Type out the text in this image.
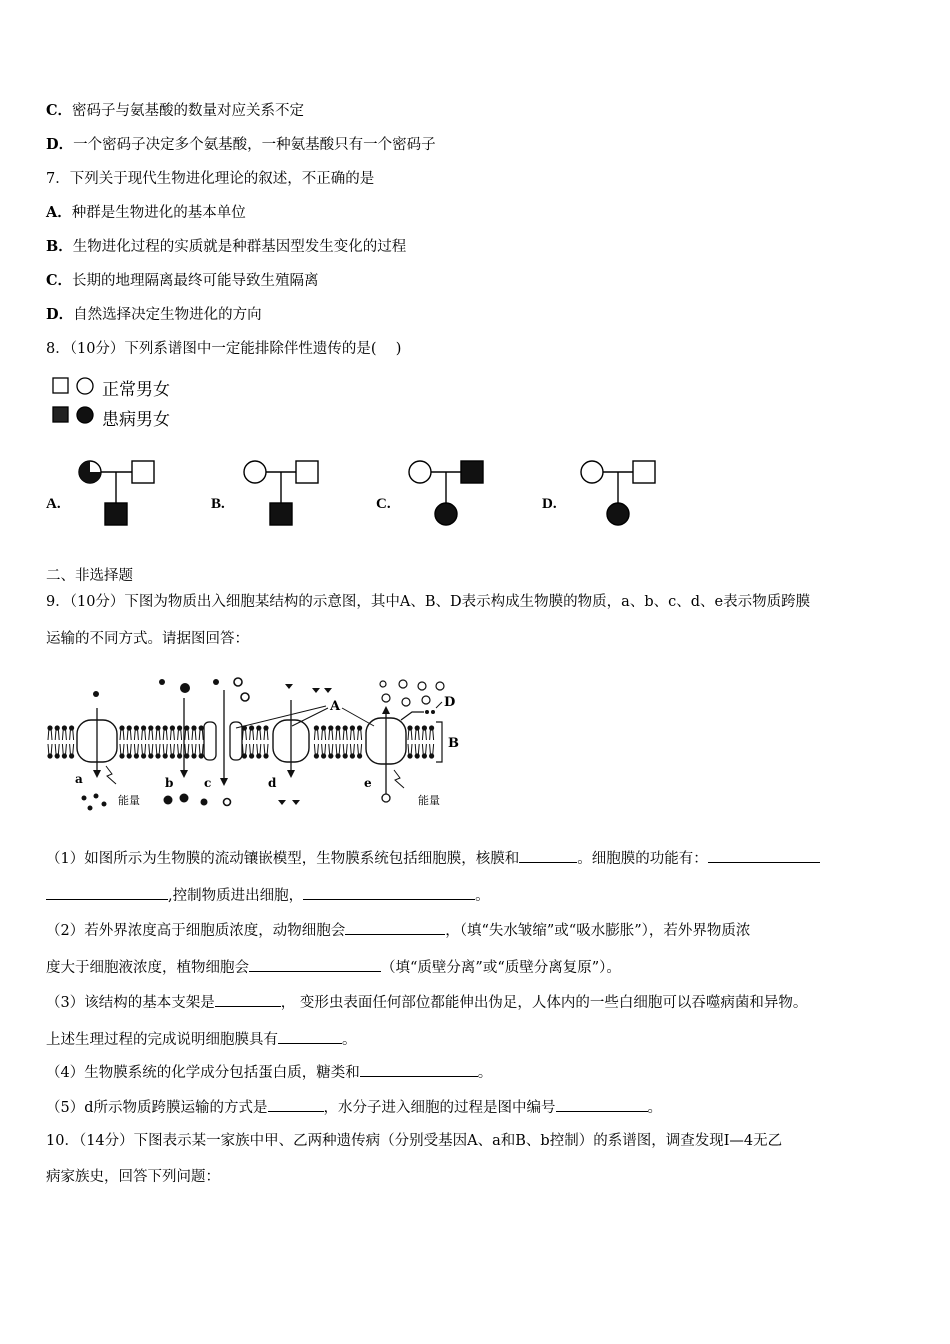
C．密码子与氨基酸的数量对应关系不定
D．一个密码子决定多个氨基酸，一种氨基酸只有一个密码子
7．下列关于现代生物进化理论的叙述，不正确的是
A．种群是生物进化的基本单位
B．生物进化过程的实质就是种群基因型发生变化的过程
C．长期的地理隔离最终可能导致生殖隔离
D．自然选择决定生物进化的方向
8．（10分）下列系谱图中一定能排除伴性遗传的是(　 )
正常男女
患病男女
A.	B.	C.	D.
二、非选择题
9．（10分）下图为物质出入细胞某结构的示意图，其中A、B、D表示构成生物膜的物质，a、b、c、d、e表示物质跨膜
运输的不同方式。请据图回答：
B
A	D
a	b	c	d	e
能量	能量
（1）如图所示为生物膜的流动镶嵌模型，生物膜系统包括细胞膜，核膜和	。细胞膜的功能有：
,控制物质进出细胞，	。
（2）若外界浓度高于细胞质浓度，动物细胞会	，（填“失水皱缩”或“吸水膨胀”），若外界物质浓
度大于细胞液浓度，植物细胞会	（填“质壁分离”或“质壁分离复原”）。
（3）该结构的基本支架是	， 变形虫表面任何部位都能伸出伪足，人体内的一些白细胞可以吞噬病菌和异物。
上述生理过程的完成说明细胞膜具有	。
（4）生物膜系统的化学成分包括蛋白质，糖类和	。
（5）d所示物质跨膜运输的方式是	，水分子进入细胞的过程是图中编号	。
10．（14分）下图表示某一家族中甲、乙两种遗传病（分别受基因A、a和B、b控制）的系谱图，调查发现Ⅰ—4无乙
病家族史，回答下列问题：
